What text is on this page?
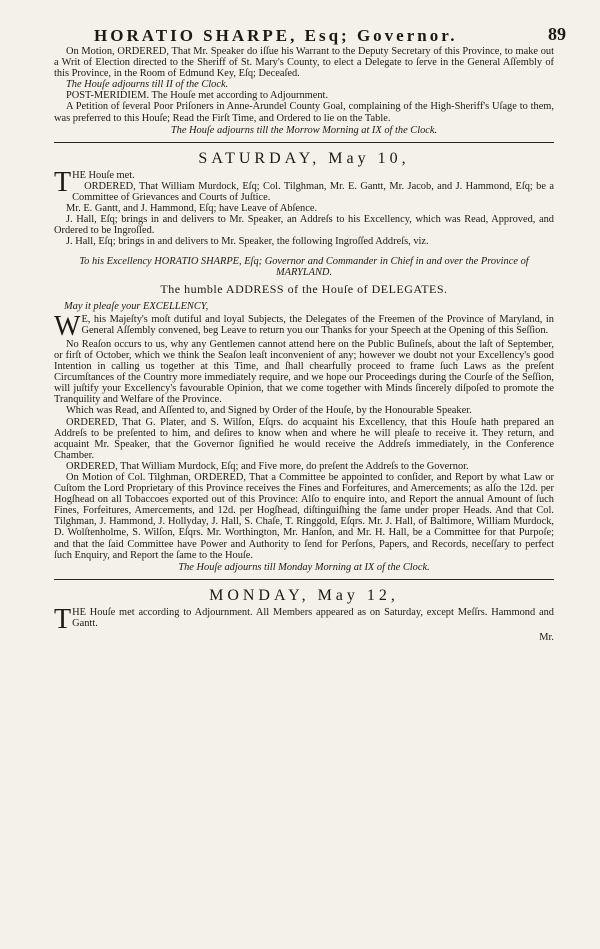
HORATIO SHARPE, Esq; Governor.	89

On Motion, ORDERED, That Mr. Speaker do iſſue his Warrant to the Deputy Secretary of this Province, to make out a Writ of Election directed to the Sheriff of St. Mary's County, to elect a Delegate to ſerve in the General Aſſembly of this Province, in the Room of Edmund Key, Eſq; Deceaſed.

The Houſe adjourns till II of the Clock.

POST-MERIDIEM. The Houſe met according to Adjournment.

A Petition of ſeveral Poor Priſoners in Anne-Arundel County Goal, complaining of the High-Sheriff's Uſage to them, was preferred to this Houſe; Read the Firſt Time, and Ordered to lie on the Table.

The Houſe adjourns till the Morrow Morning at IX of the Clock.

SATURDAY, May 10,

THE Houſe met.

ORDERED, That William Murdock, Eſq; Col. Tilghman, Mr. E. Gantt, Mr. Jacob, and J. Hammond, Eſq; be a Committee of Grievances and Courts of Juſtice.

Mr. E. Gantt, and J. Hammond, Eſq; have Leave of Abſence.

J. Hall, Eſq; brings in and delivers to Mr. Speaker, an Addreſs to his Excellency, which was Read, Approved, and Ordered to be Ingroſſed.

J. Hall, Eſq; brings in and delivers to Mr. Speaker, the following Ingroſſed Addreſs, viz.

To his Excellency HORATIO SHARPE, Eſq; Governor and Commander in Chief in and over the Province of MARYLAND.

The humble ADDRESS of the Houſe of DELEGATES.

May it pleaſe your EXCELLENCY,

W E, his Majeſty's moſt dutiful and loyal Subjects, the Delegates of the Freemen of the Province of Maryland, in General Aſſembly convened, beg Leave to return you our Thanks for your Speech at the Opening of this Seſſion.

No Reaſon occurs to us, why any Gentlemen cannot attend here on the Public Buſineſs, about the laſt of September, or firſt of October, which we think the Seaſon leaſt inconvenient of any; however we doubt not your Excellency's good Intention in calling us together at this Time, and ſhall chearfully proceed to frame ſuch Laws as the preſent Circumſtances of the Country more immediately require, and we hope our Proceedings during the Courſe of the Seſſion, will juſtify your Excellency's favourable Opinion, that we come together with Minds ſincerely diſpoſed to promote the Tranquility and Welfare of the Province.

Which was Read, and Aſſented to, and Signed by Order of the Houſe, by the Honourable Speaker.

ORDERED, That G. Plater, and S. Wilſon, Eſqrs. do acquaint his Excellency, that this Houſe hath prepared an Addreſs to be preſented to him, and deſires to know when and where he will pleaſe to receive it. They return, and acquaint Mr. Speaker, that the Governor ſignified he would receive the Addreſs immediately, in the Conference Chamber.

ORDERED, That William Murdock, Eſq; and Five more, do preſent the Addreſs to the Governor.

On Motion of Col. Tilghman, ORDERED, That a Committee be appointed to conſider, and Report by what Law or Cuſtom the Lord Proprietary of this Province receives the Fines and Forfeitures, and Amercements; as alſo the 12d. per Hogſhead on all Tobaccoes exported out of this Province: Alſo to enquire into, and Report the annual Amount of ſuch Fines, Forfeitures, Amercements, and 12d. per Hogſhead, diſtinguiſhing the ſame under proper Heads. And that Col. Tilghman, J. Hammond, J. Hollyday, J. Hall, S. Chaſe, T. Ringgold, Eſqrs. Mr. J. Hall, of Baltimore, William Murdock, D. Wolſtenholme, S. Wilſon, Eſqrs. Mr. Worthington, Mr. Hanſon, and Mr. H. Hall, be a Committee for that Purpoſe; and that the ſaid Committee have Power and Authority to ſend for Perſons, Papers, and Records, neceſſary to perfect ſuch Enquiry, and Report the ſame to the Houſe.

The Houſe adjourns till Monday Morning at IX of the Clock.

MONDAY, May 12,

THE Houſe met according to Adjournment. All Members appeared as on Saturday, except Meſſrs. Hammond and Gantt.

Mr.
